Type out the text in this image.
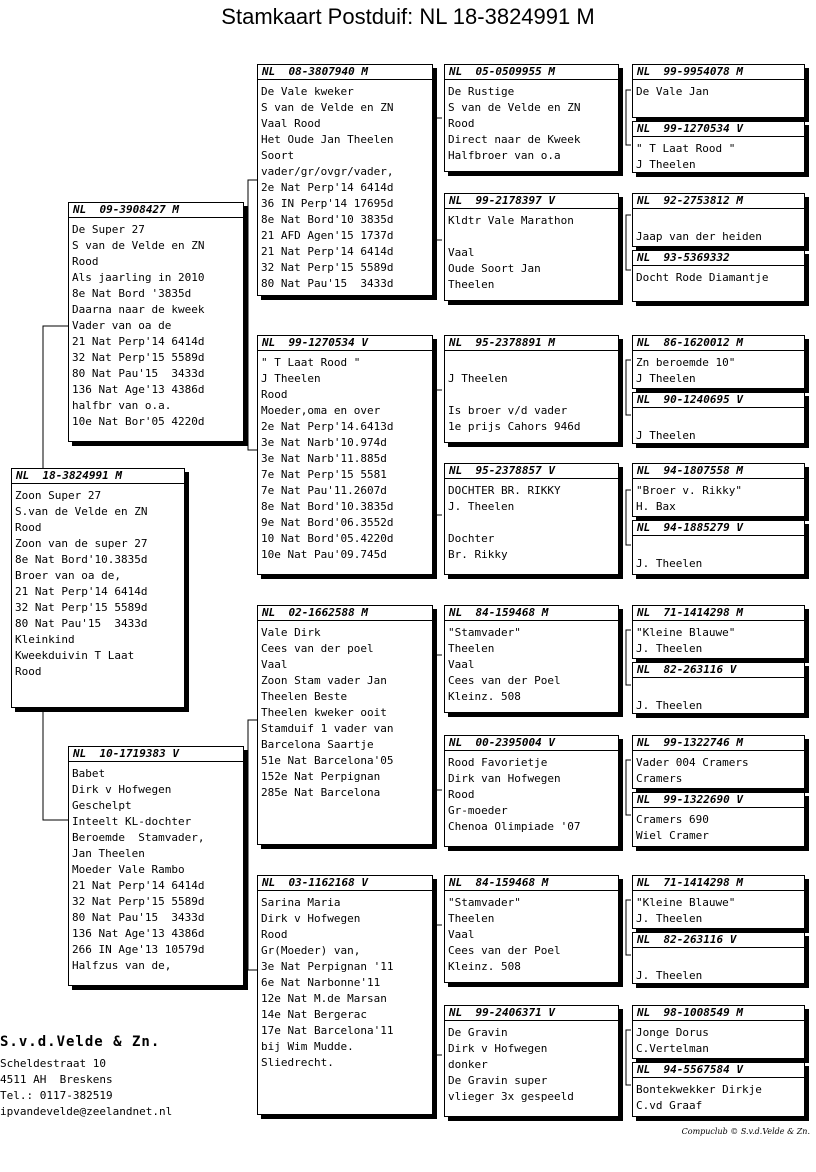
Stamkaart Postduif: NL 18-3824991 M
NL  18-3824991 M
Zoon Super 27
S.van de Velde en ZN
Rood
Zoon van de super 27
8e Nat Bord'10.3835d
Broer van oa de,
21 Nat Perp'14 6414d
32 Nat Perp'15 5589d
80 Nat Pau'15  3433d
Kleinkind
Kweekduivin T Laat
Rood
NL  09-3908427 M
De Super 27
S van de Velde en ZN
Rood
Als jaarling in 2010
8e Nat Bord '3835d
Daarna naar de kweek
Vader van oa de
21 Nat Perp'14 6414d
32 Nat Perp'15 5589d
80 Nat Pau'15  3433d
136 Nat Age'13 4386d
halfbr van o.a.
10e Nat Bor'05 4220d
NL  10-1719383 V
Babet
Dirk v Hofwegen
Geschelpt
Inteelt KL-dochter
Beroemde  Stamvader,
Jan Theelen
Moeder Vale Rambo
21 Nat Perp'14 6414d
32 Nat Perp'15 5589d
80 Nat Pau'15  3433d
136 Nat Age'13 4386d
266 IN Age'13 10579d
Halfzus van de,
NL  08-3807940 M
De Vale kweker
S van de Velde en ZN
Vaal Rood
Het Oude Jan Theelen
Soort
vader/gr/ovgr/vader,
2e Nat Perp'14 6414d
36 IN Perp'14 17695d
8e Nat Bord'10 3835d
21 AFD Agen'15 1737d
21 Nat Perp'14 6414d
32 Nat Perp'15 5589d
80 Nat Pau'15  3433d
NL  99-1270534 V
" T Laat Rood "
J Theelen
Rood
Moeder,oma en over
2e Nat Perp'14.6413d
3e Nat Narb'10.974d
3e Nat Narb'11.885d
7e Nat Perp'15 5581
7e Nat Pau'11.2607d
8e Nat Bord'10.3835d
9e Nat Bord'06.3552d
10 Nat Bord'05.4220d
10e Nat Pau'09.745d
NL  02-1662588 M
Vale Dirk
Cees van der poel
Vaal
Zoon Stam vader Jan
Theelen Beste
Theelen kweker ooit
Stamduif 1 vader van
Barcelona Saartje
51e Nat Barcelona'05
152e Nat Perpignan
285e Nat Barcelona
NL  03-1162168 V
Sarina Maria
Dirk v Hofwegen
Rood
Gr(Moeder) van,
3e Nat Perpignan '11
6e Nat Narbonne'11
12e Nat M.de Marsan
14e Nat Bergerac
17e Nat Barcelona'11
bij Wim Mudde.
Sliedrecht.
NL  05-0509955 M
De Rustige
S van de Velde en ZN
Rood
Direct naar de Kweek
Halfbroer van o.a
NL  99-2178397 V
Kldtr Vale Marathon
Vaal
Oude Soort Jan
Theelen
NL  95-2378891 M
J Theelen
Is broer v/d vader
1e prijs Cahors 946d
NL  95-2378857 V
DOCHTER BR. RIKKY
J. Theelen
Dochter
Br. Rikky
NL  84-159468 M
"Stamvader"
Theelen
Vaal
Cees van der Poel
Kleinz. 508
NL  00-2395004 V
Rood Favorietje
Dirk van Hofwegen
Rood
Gr-moeder
Chenoa Olimpiade '07
NL  84-159468 M
"Stamvader"
Theelen
Vaal
Cees van der Poel
Kleinz. 508
NL  99-2406371 V
De Gravin
Dirk v Hofwegen
donker
De Gravin super
vlieger 3x gespeeld
NL  99-9954078 M
De Vale Jan
NL  99-1270534 V
" T Laat Rood "
J Theelen
NL  92-2753812 M
Jaap van der heiden
NL  93-5369332
Docht Rode Diamantje
NL  86-1620012 M
Zn beroemde 10"
J Theelen
NL  90-1240695 V
J Theelen
NL  94-1807558 M
"Broer v. Rikky"
H. Bax
NL  94-1885279 V
J. Theelen
NL  71-1414298 M
"Kleine Blauwe"
J. Theelen
NL  82-263116 V
J. Theelen
NL  99-1322746 M
Vader 004 Cramers
Cramers
NL  99-1322690 V
Cramers 690
Wiel Cramer
NL  71-1414298 M
"Kleine Blauwe"
J. Theelen
NL  82-263116 V
J. Theelen
NL  98-1008549 M
Jonge Dorus
C.Vertelman
NL  94-5567584 V
Bontekwekker Dirkje
C.vd Graaf
S.v.d.Velde & Zn.
Scheldestraat 10
4511 AH  Breskens
Tel.: 0117-382519
ipvandevelde@zeelandnet.nl
Compuclub © S.v.d.Velde & Zn.
